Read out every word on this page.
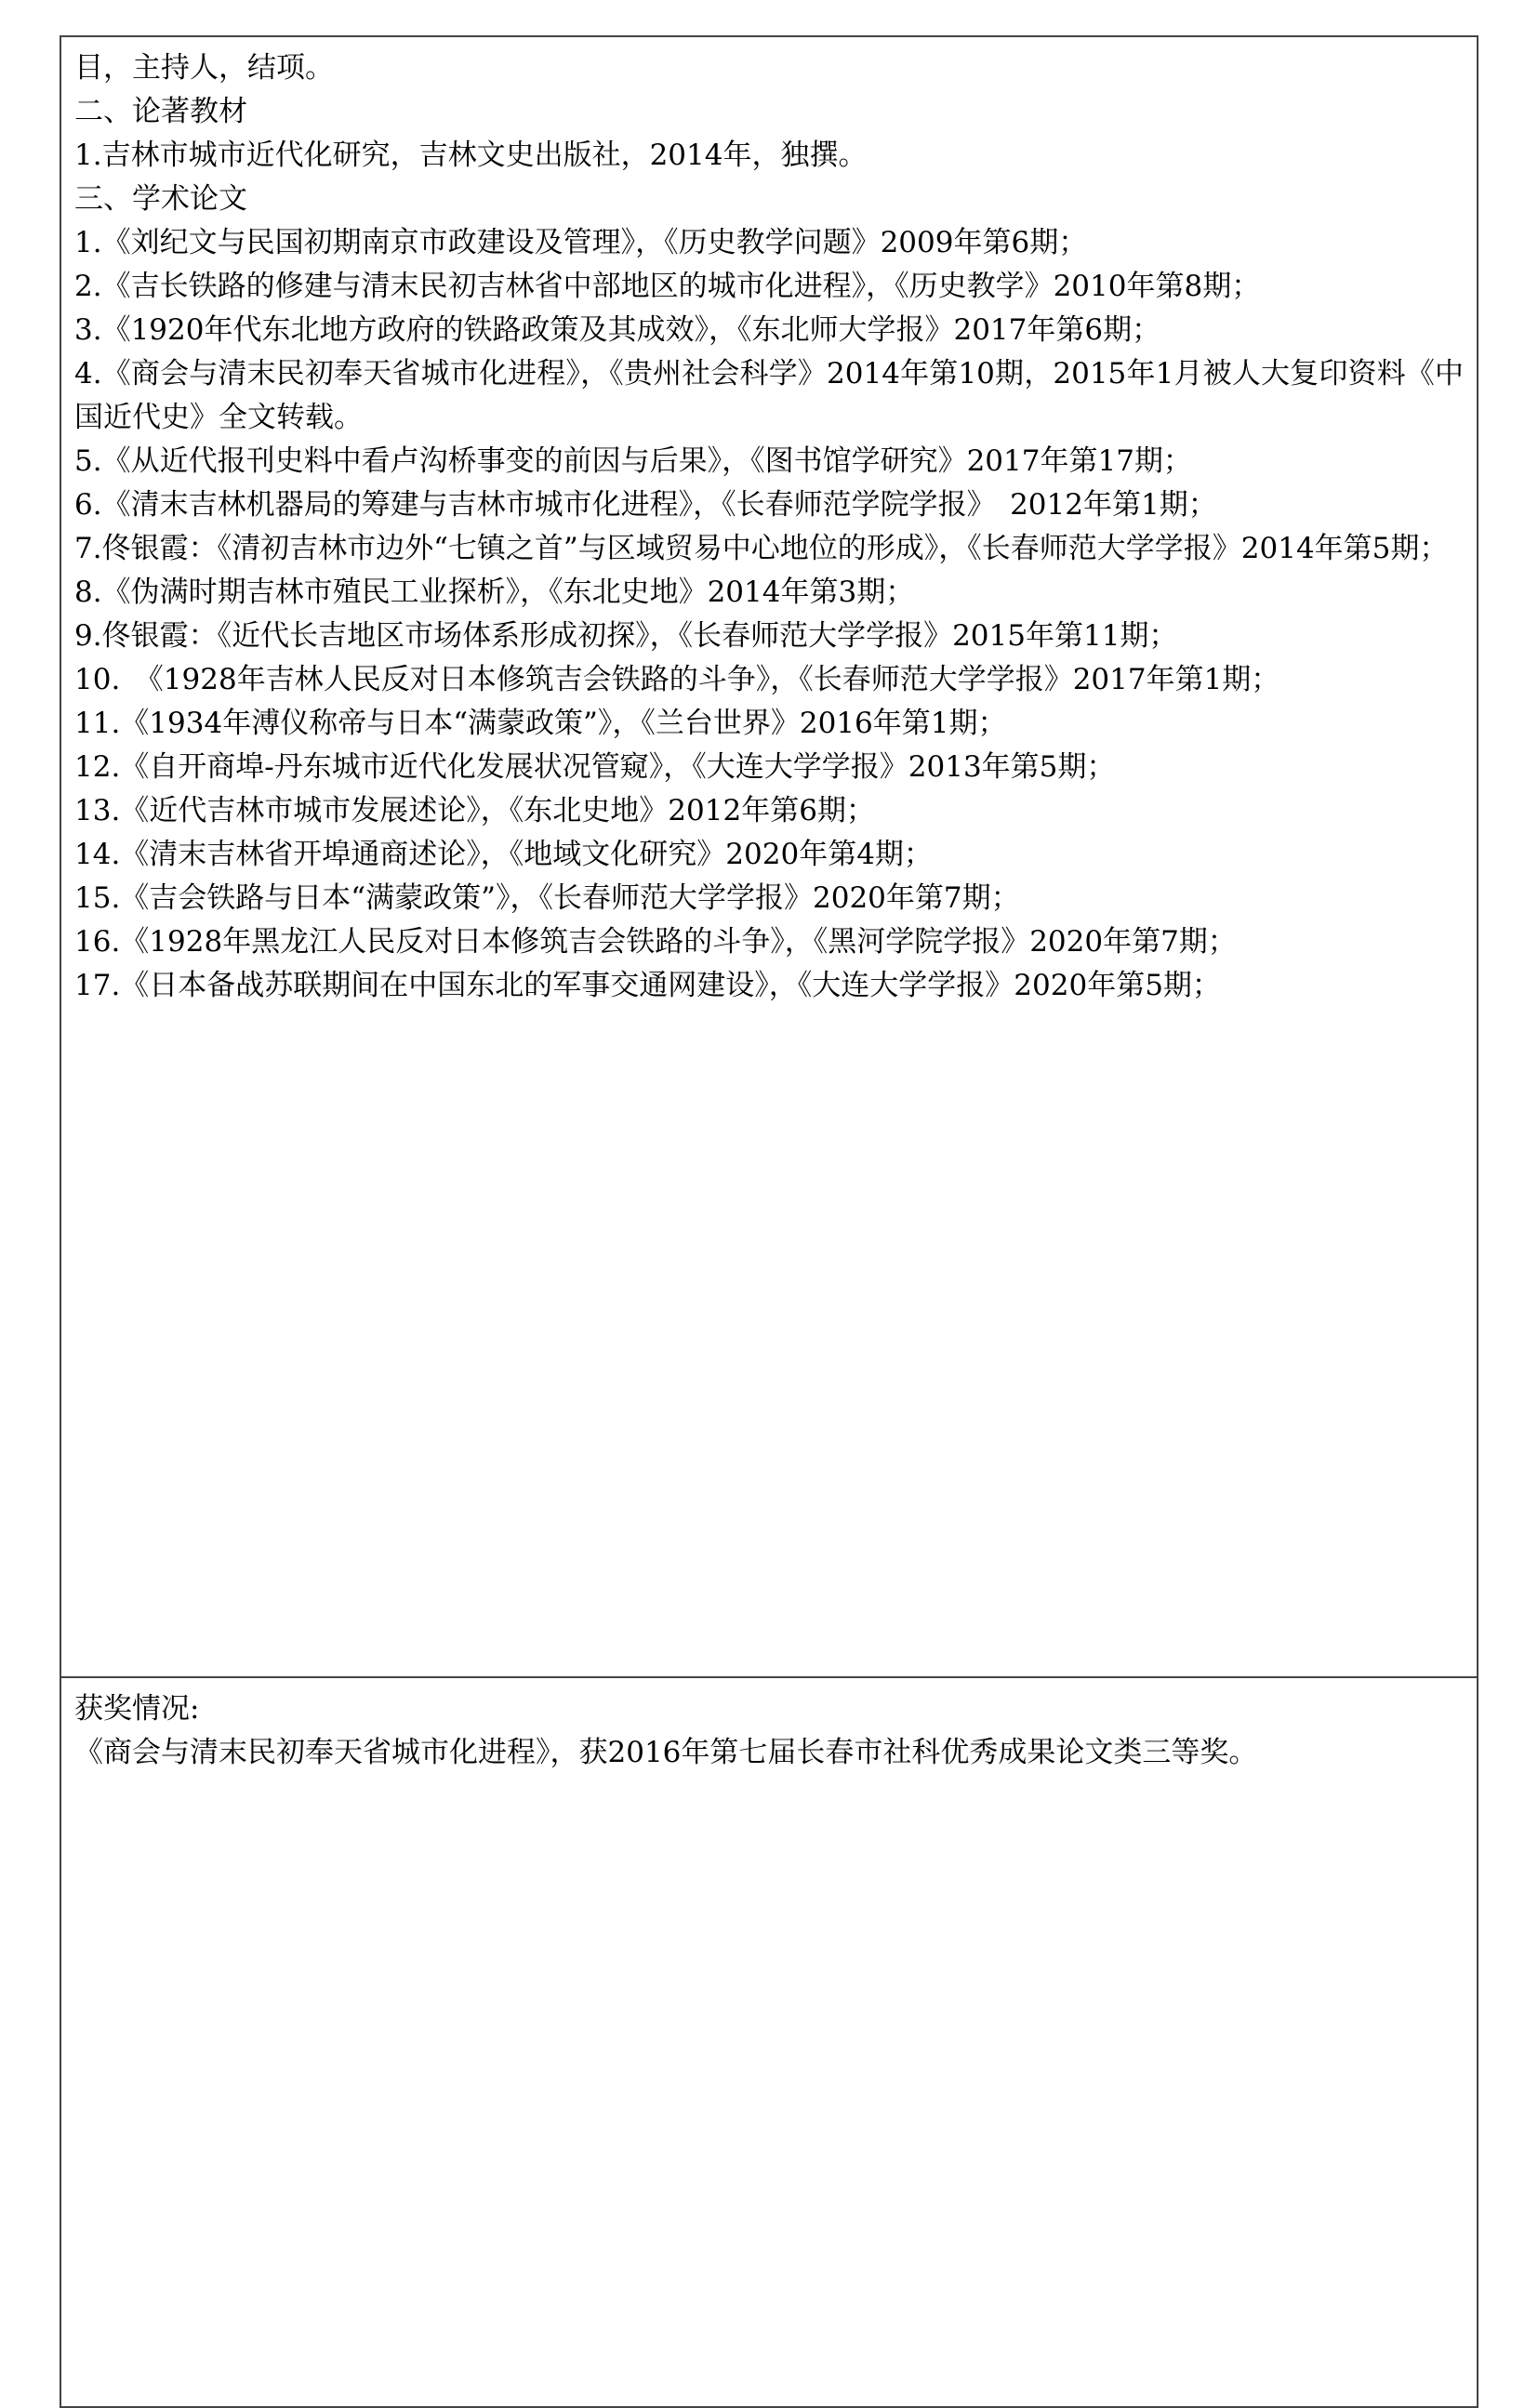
目，主持人，结项。

二、论著教材

1.吉林市城市近代化研究，吉林文史出版社，2014年，独撰。

三、学术论文

1.《刘纪文与民国初期南京市政建设及管理》，《历史教学问题》2009年第6期；

2.《吉长铁路的修建与清末民初吉林省中部地区的城市化进程》，《历史教学》2010年第8期；

3.《1920年代东北地方政府的铁路政策及其成效》，《东北师大学报》2017年第6期；

4.《商会与清末民初奉天省城市化进程》，《贵州社会科学》2014年第10期，2015年1月被人大复印资料《中国近代史》全文转载。

5.《从近代报刊史料中看卢沟桥事变的前因与后果》，《图书馆学研究》2017年第17期；

6.《清末吉林机器局的筹建与吉林市城市化进程》，《长春师范学院学报》　2012年第1期；

7.佟银霞：《清初吉林市边外“七镇之首”与区域贸易中心地位的形成》，《长春师范大学学报》2014年第5期；

8.《伪满时期吉林市殖民工业探析》，《东北史地》2014年第3期；

9.佟银霞：《近代长吉地区市场体系形成初探》，《长春师范大学学报》2015年第11期；

10.　《1928年吉林人民反对日本修筑吉会铁路的斗争》，《长春师范大学学报》2017年第1期；

11.《1934年溥仪称帝与日本“满蒙政策”》，《兰台世界》2016年第1期；

12.《自开商埠-丹东城市近代化发展状况管窥》，《大连大学学报》2013年第5期；

13.《近代吉林市城市发展述论》，《东北史地》2012年第6期；

14.《清末吉林省开埠通商述论》，《地域文化研究》2020年第4期；

15.《吉会铁路与日本“满蒙政策”》，《长春师范大学学报》2020年第7期；

16.《1928年黑龙江人民反对日本修筑吉会铁路的斗争》，《黑河学院学报》2020年第7期；

17.《日本备战苏联期间在中国东北的军事交通网建设》，《大连大学学报》2020年第5期；

获奖情况:

《商会与清末民初奉天省城市化进程》，获2016年第七届长春市社科优秀成果论文类三等奖。
